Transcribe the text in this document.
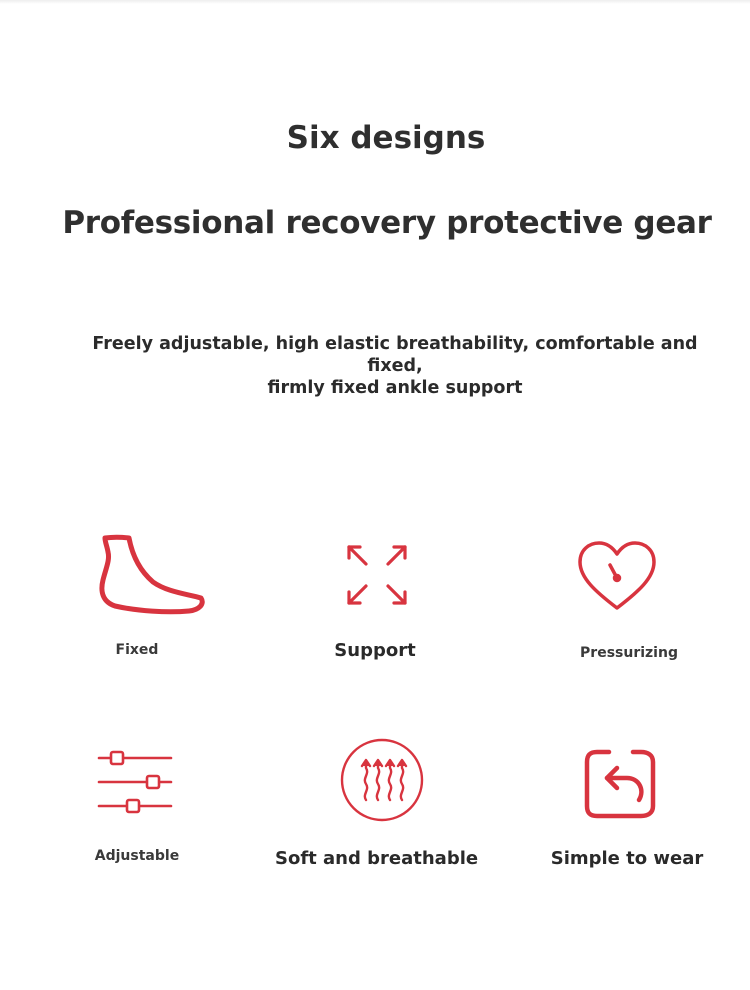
Six designs
Professional recovery protective gear

Freely adjustable, high elastic breathability, comfortable and fixed,
firmly fixed ankle support

Fixed	Support	Pressurizing
Adjustable	Soft and breathable	Simple to wear
